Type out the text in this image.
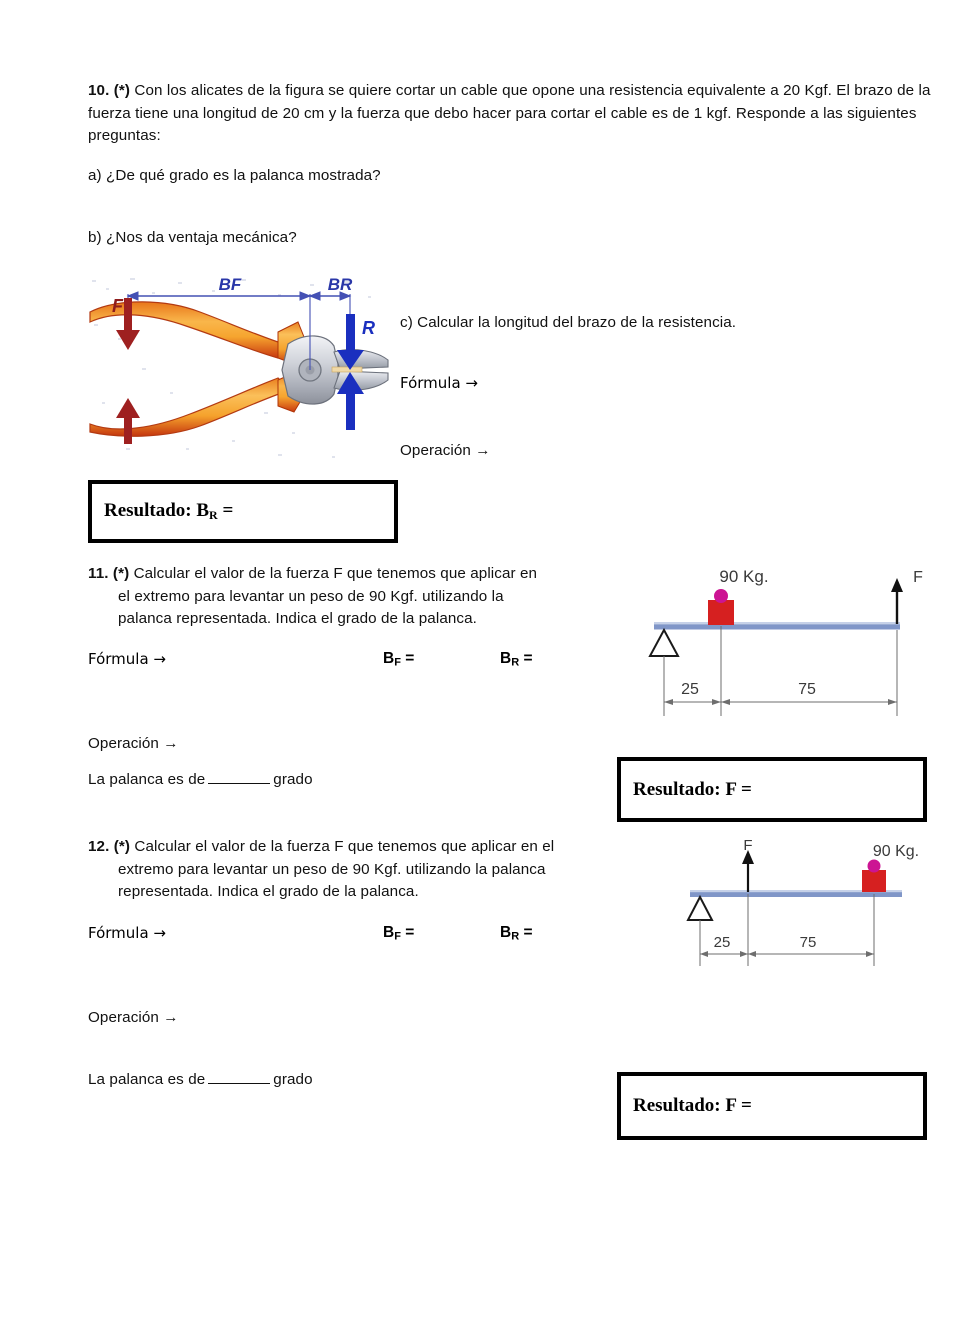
10. (*) Con los alicates de la figura se quiere cortar un cable que opone una resistencia equivalente a 20 Kgf. El brazo de la fuerza tiene una longitud de 20 cm y la fuerza que debo hacer para cortar el cable es de 1 kgf. Responde a las siguientes preguntas:
a) ¿De qué grado es la palanca mostrada?
b) ¿Nos da ventaja mecánica?
BF	BR
F
R c) Calcular la longitud del brazo de la resistencia.
Fórmula →
Operación →
Resultado: $B_R$ =
11. (*) Calcular el valor de la fuerza F que tenemos que aplicar en
el extremo para levantar un peso de 90 Kgf. utilizando la
palanca representada. Indica el grado de la palanca.
Fórmula →	$B_F$ =	$B_R$ =
90 Kg.	F
25	75
Operación →
La palanca es de	grado	Resultado: F =
12. (*) Calcular el valor de la fuerza F que tenemos que aplicar en el
extremo para levantar un peso de 90 Kgf. utilizando la palanca
representada. Indica el grado de la palanca.
Fórmula →	$B_F$ =	$B_R$ =
F	90 Kg.
25	75
Operación →
La palanca es de	grado
Resultado: F =
